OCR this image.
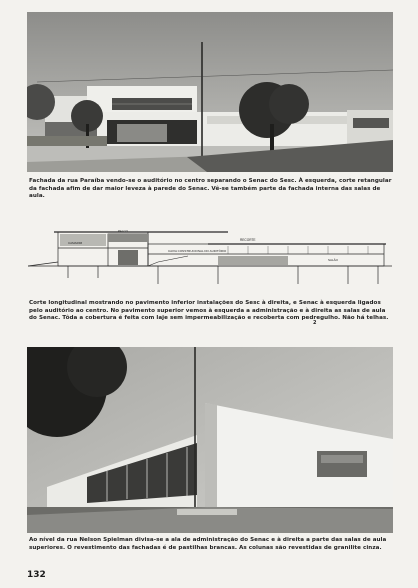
Fachada da rua Paraíba vendo-se o auditório no centro separando o Senac do Sesc. À esquerda, corte retangular da fachada afim de dar maior leveza à parede do Senac. Vê-se também parte da fachada interna das salas de aula.
RECORTE
PALCO
CAMARIM
CAIXA CONSTRUCIONAL DO AUDITÓRIO
SALÃO
Corte longitudinal mostrando no pavimento inferior instalações do Sesc à direita, e Senac à esquerda ligados pelo auditório ao centro. No pavimento superior vemos à esquerda a administração e à direita as salas de aula do Senac. Tôda a cobertura é feita com laje sem impermeabilização e recoberta com pedregulho. Não há telhas.
2
Ao nível da rua Nelson Spielman divisa-se a ala de administração do Senac e à direita a parte das salas de aula superiores. O revestimento das fachadas é de pastilhas brancas. As colunas são revestidas de granilite cinza.
132
